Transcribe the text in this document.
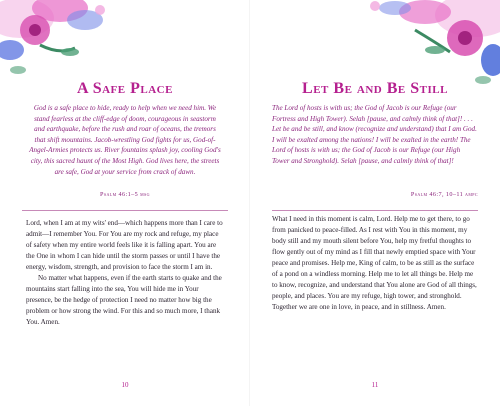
A Safe Place
God is a safe place to hide, ready to help when we need him. We stand fearless at the cliff-edge of doom, courageous in seastorm and earthquake, before the rush and roar of oceans, the tremors that shift mountains. Jacob-wrestling God fights for us, God-of-Angel-Armies protects us. River fountains splash joy, cooling God's city, this sacred haunt of the Most High. God lives here, the streets are safe, God at your service from crack of dawn.
Psalm 46:1–5 msg

Lord, when I am at my wits' end—which happens more than I care to admit—I remember You. For You are my rock and refuge, my place of safety when my entire world feels like it is falling apart. You are the One in whom I can hide until the storm passes or until I have the energy, wisdom, strength, and provision to face the storm I am in.

No matter what happens, even if the earth starts to quake and the mountains start falling into the sea, You will hide me in Your presence, be the hedge of protection I need no matter how big the problem or how strong the wind. For this and so much more, I thank You. Amen.

10
Let Be and Be Still
The Lord of hosts is with us; the God of Jacob is our Refuge (our Fortress and High Tower). Selah [pause, and calmly think of that]! . . . Let be and be still, and know (recognize and understand) that I am God. I will be exalted among the nations! I will be exalted in the earth! The Lord of hosts is with us; the God of Jacob is our Refuge (our High Tower and Stronghold). Selah [pause, and calmly think of that]!
Psalm 46:7, 10–11 ampc

What I need in this moment is calm, Lord. Help me to get there, to go from panicked to peace-filled. As I rest with You in this moment, my body still and my mouth silent before You, help my fretful thoughts to flow gently out of my mind as I fill that newly emptied space with Your peace and promises. Help me, King of calm, to be as still as the surface of a pond on a windless morning. Help me to let all things be. Help me to know, recognize, and understand that You alone are God of all things, people, and places. You are my refuge, high tower, and stronghold. Together we are one in love, in peace, and in stillness. Amen.

11
